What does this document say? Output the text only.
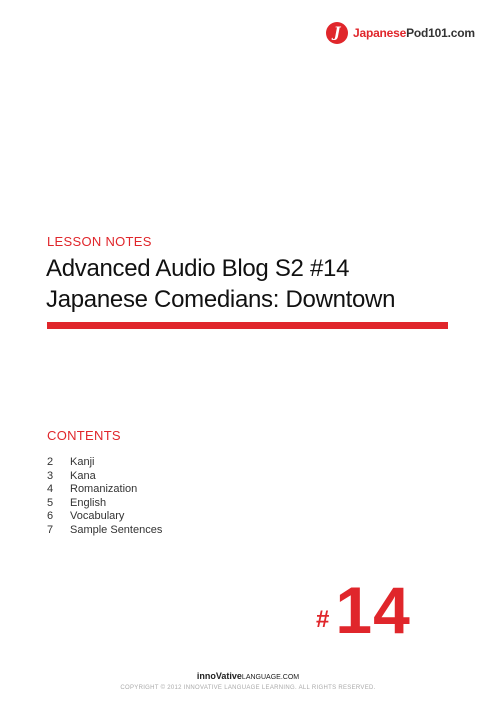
J	JapanesePod101.com
LESSON NOTES
Advanced Audio Blog S2 #14
Japanese Comedians: Downtown
CONTENTS
2	Kanji
3	Kana
4	Romanization
5	English
6	Vocabulary
7	Sample Sentences
#14
innoVativeLANGUAGE.COM
COPYRIGHT © 2012 INNOVATIVE LANGUAGE LEARNING. ALL RIGHTS RESERVED.
